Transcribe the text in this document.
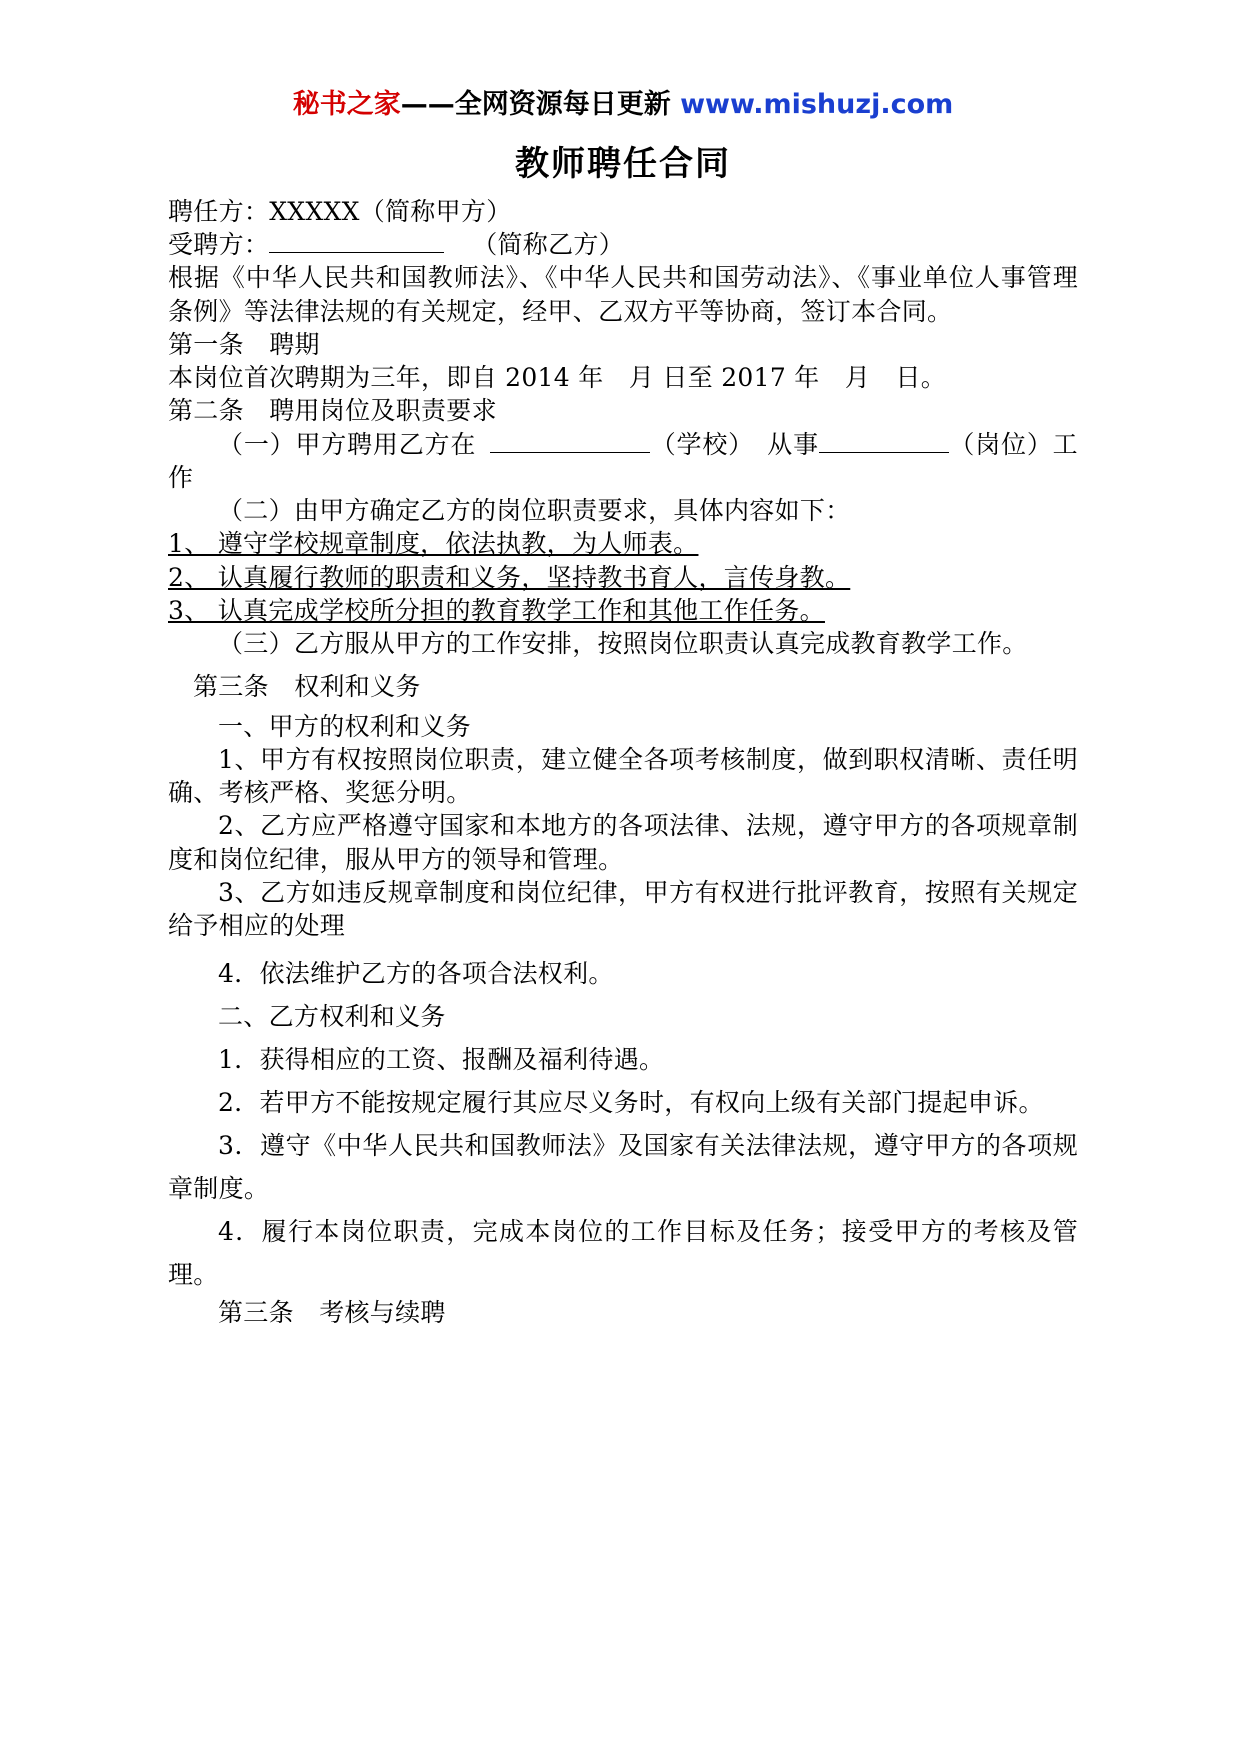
秘书之家——全网资源每日更新 www.mishuzj.com
教师聘任合同

聘任方：XXXXX（简称甲方）

受聘方：	（简称乙方）

根据《中华人民共和国教师法》、《中华人民共和国劳动法》、《事业单位人事管理条例》等法律法规的有关规定，经甲、乙双方平等协商，签订本合同。

第一条　聘期

本岗位首次聘期为三年，即自 2014 年　月 日至 2017 年　月　日。

第二条　聘用岗位及职责要求

（一）甲方聘用乙方在	（学校）　从事	（岗位）工作

（二）由甲方确定乙方的岗位职责要求，具体内容如下：

1、 遵守学校规章制度，依法执教，为人师表。

2、 认真履行教师的职责和义务，坚持教书育人，言传身教。

3、 认真完成学校所分担的教育教学工作和其他工作任务。

（三）乙方服从甲方的工作安排，按照岗位职责认真完成教育教学工作。

第三条　权利和义务

一、甲方的权利和义务

1、甲方有权按照岗位职责，建立健全各项考核制度，做到职权清晰、责任明确、考核严格、奖惩分明。

2、乙方应严格遵守国家和本地方的各项法律、法规，遵守甲方的各项规章制度和岗位纪律，服从甲方的领导和管理。

3、乙方如违反规章制度和岗位纪律，甲方有权进行批评教育，按照有关规定给予相应的处理

4．依法维护乙方的各项合法权利。

二、乙方权利和义务

1．获得相应的工资、报酬及福利待遇。

2．若甲方不能按规定履行其应尽义务时，有权向上级有关部门提起申诉。

3．遵守《中华人民共和国教师法》及国家有关法律法规，遵守甲方的各项规章制度。

4．履行本岗位职责，完成本岗位的工作目标及任务；接受甲方的考核及管理。

第三条　考核与续聘
